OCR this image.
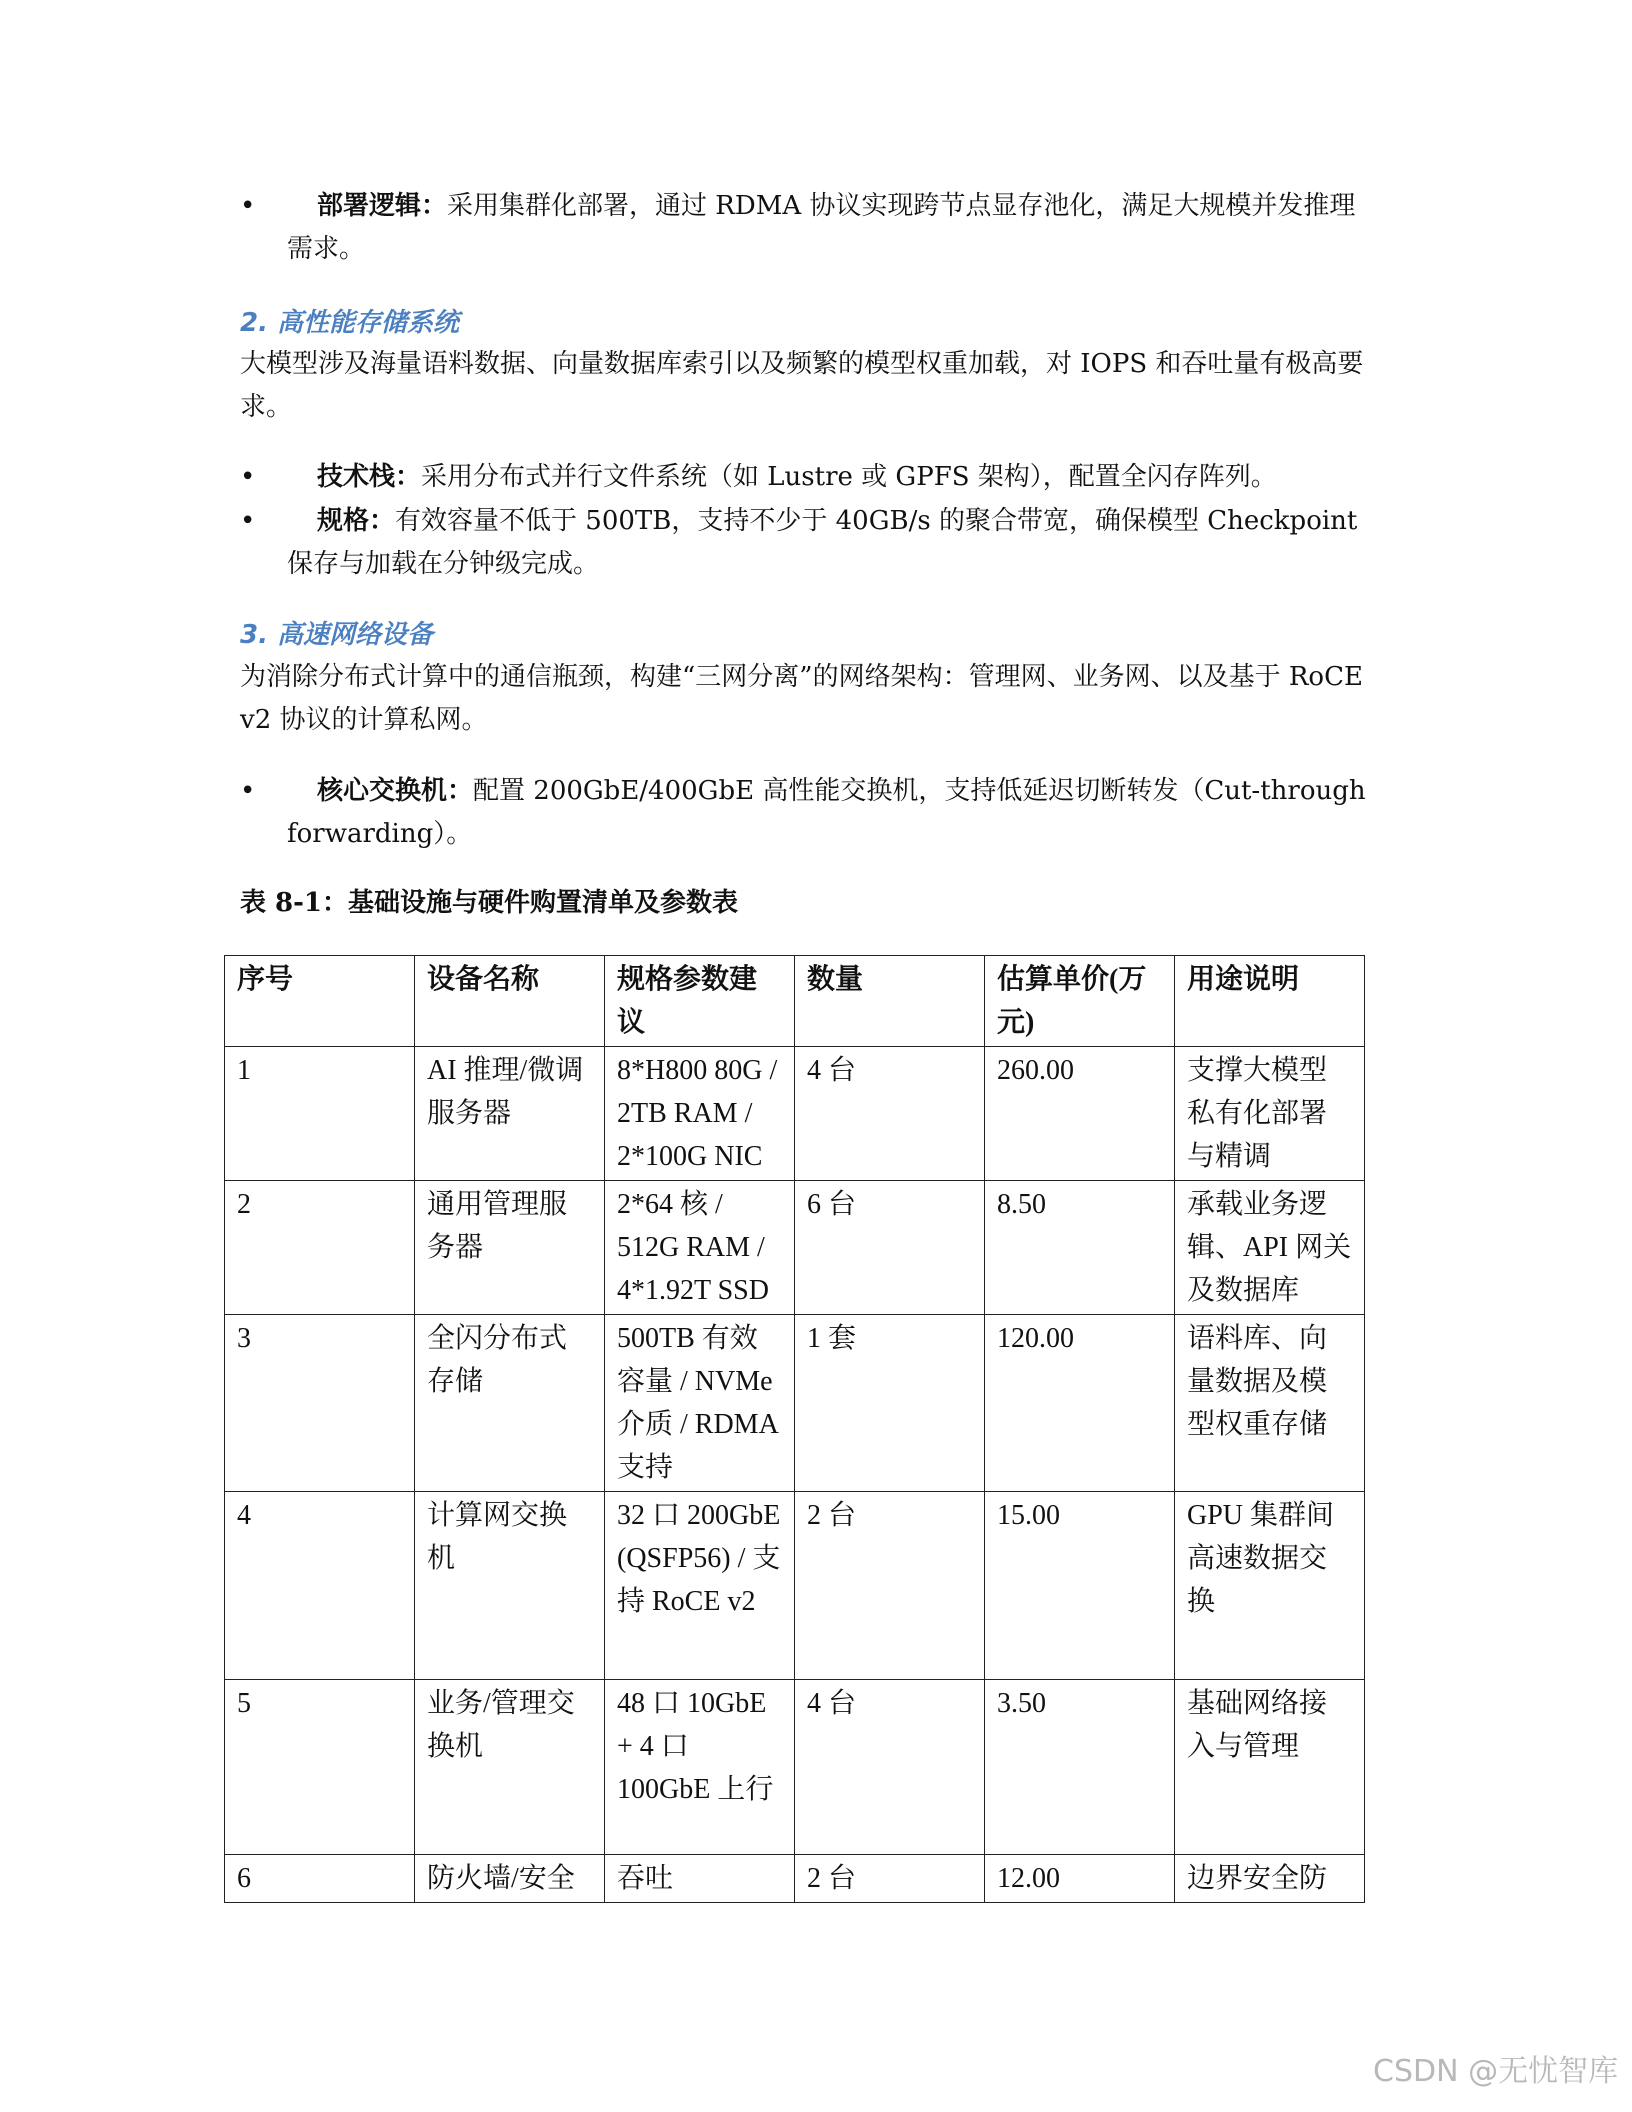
•	部署逻辑：采用集群化部署，通过 RDMA 协议实现跨节点显存池化，满足大规模并发推理需求。
2. 高性能存储系统
大模型涉及海量语料数据、向量数据库索引以及频繁的模型权重加载，对 IOPS 和吞吐量有极高要求。
•	技术栈：采用分布式并行文件系统（如 Lustre 或 GPFS 架构），配置全闪存阵列。
•	规格：有效容量不低于 500TB，支持不少于 40GB/s 的聚合带宽，确保模型 Checkpoint 保存与加载在分钟级完成。
3. 高速网络设备
为消除分布式计算中的通信瓶颈，构建“三网分离”的网络架构：管理网、业务网、以及基于 RoCE v2 协议的计算私网。
•	核心交换机：配置 200GbE/400GbE 高性能交换机，支持低延迟切断转发（Cut-through forwarding）。
表 8-1：基础设施与硬件购置清单及参数表
序号	设备名称	规格参数建议	数量	估算单价(万元)	用途说明
1	AI 推理/微调服务器	8*H800 80G / 2TB RAM / 2*100G NIC	4 台	260.00	支撑大模型私有化部署与精调
2	通用管理服务器	2*64 核 / 512G RAM / 4*1.92T SSD	6 台	8.50	承载业务逻辑、API 网关及数据库
3	全闪分布式存储	500TB 有效容量 / NVMe 介质 / RDMA 支持	1 套	120.00	语料库、向量数据及模型权重存储
4	计算网交换机	32 口 200GbE (QSFP56) / 支持 RoCE v2	2 台	15.00	GPU 集群间高速数据交换
5	业务/管理交换机	48 口 10GbE + 4 口 100GbE 上行	4 台	3.50	基础网络接入与管理
6	防火墙/安全	吞吐	2 台	12.00	边界安全防
CSDN @无忧智库
